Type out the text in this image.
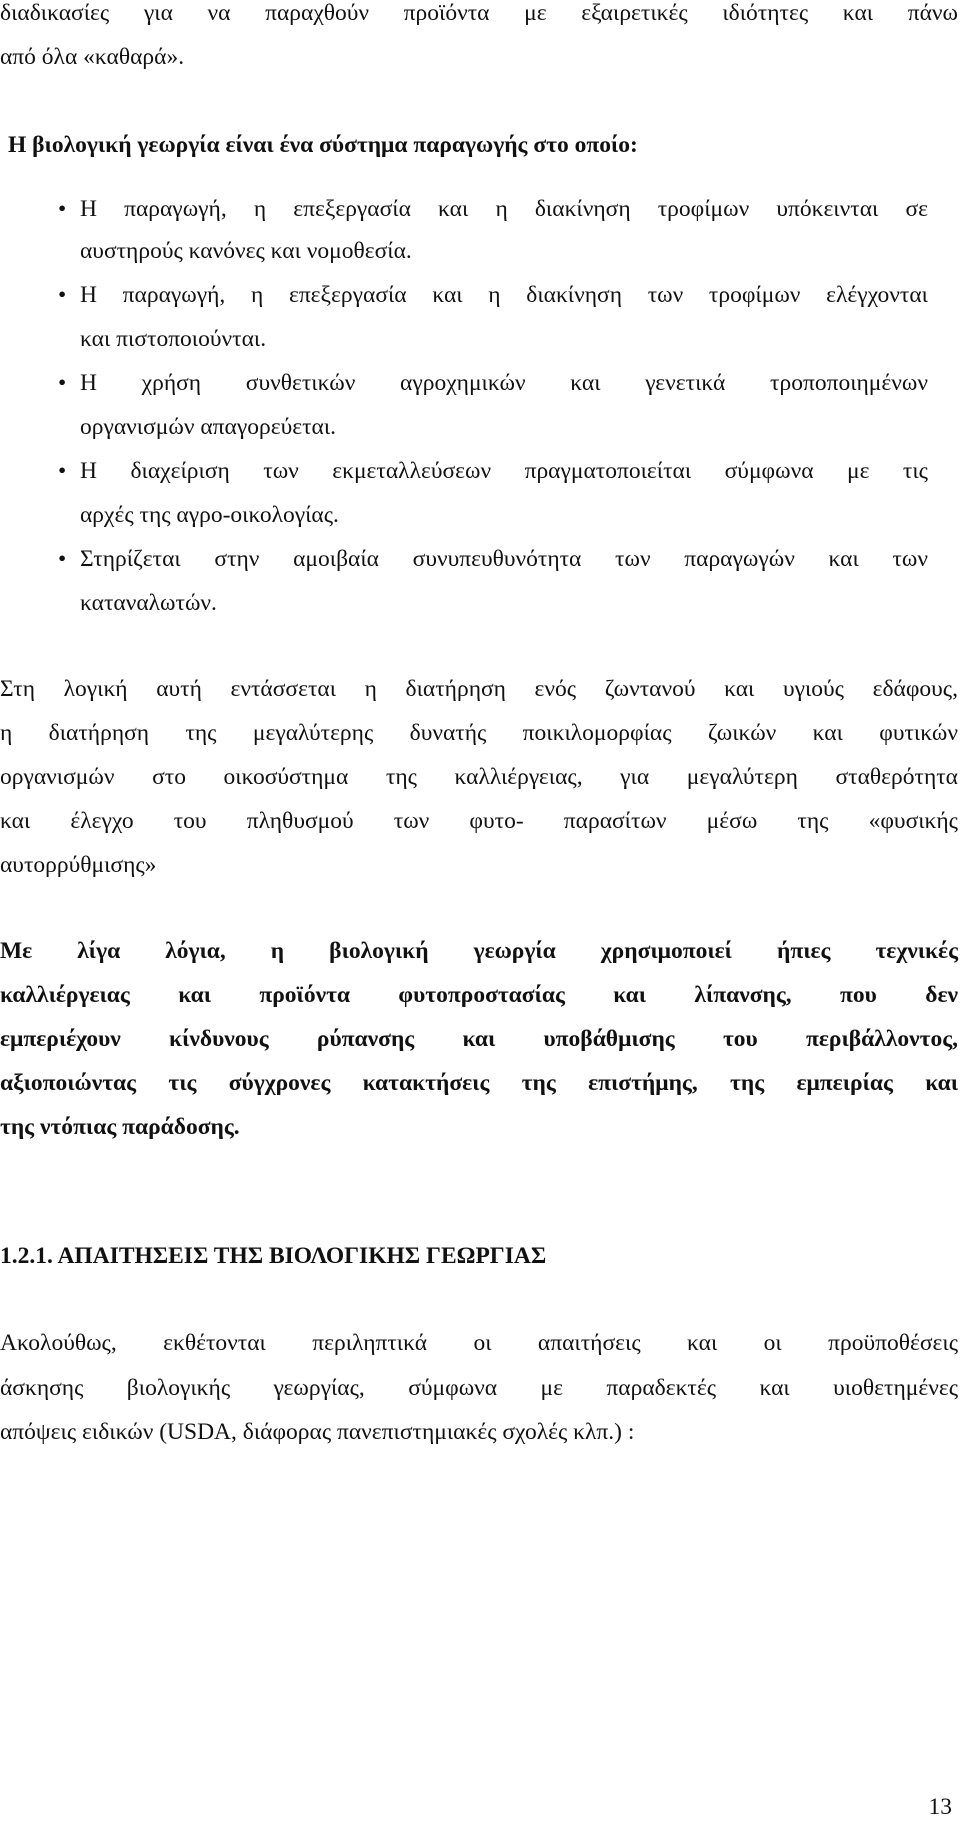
διαδικασίες για να παραχθούν προϊόντα με εξαιρετικές ιδιότητες και πάνω
από όλα «καθαρά».
Η βιολογική γεωργία είναι ένα σύστημα παραγωγής στο οποίο:
• Η παραγωγή, η επεξεργασία και η διακίνηση τροφίμων υπόκεινται σε
αυστηρούς κανόνες και νομοθεσία.
• Η παραγωγή, η επεξεργασία και η διακίνηση των τροφίμων ελέγχονται
και πιστοποιούνται.
• Η χρήση συνθετικών αγροχημικών και γενετικά τροποποιημένων
οργανισμών απαγορεύεται.
• Η διαχείριση των εκμεταλλεύσεων πραγματοποιείται σύμφωνα με τις
αρχές της αγρο-οικολογίας.
• Στηρίζεται στην αμοιβαία συνυπευθυνότητα των παραγωγών και των
καταναλωτών.
Στη λογική αυτή εντάσσεται η διατήρηση ενός ζωντανού και υγιούς εδάφους,
η διατήρηση της μεγαλύτερης δυνατής ποικιλομορφίας ζωικών και φυτικών
οργανισμών στο οικοσύστημα της καλλιέργειας, για μεγαλύτερη σταθερότητα
και έλεγχο του πληθυσμού των φυτο- παρασίτων μέσω της «φυσικής
αυτορρύθμισης»
Με λίγα λόγια, η βιολογική γεωργία χρησιμοποιεί ήπιες τεχνικές
καλλιέργειας και προϊόντα φυτοπροστασίας και λίπανσης, που δεν
εμπεριέχουν κίνδυνους ρύπανσης και υποβάθμισης του περιβάλλοντος,
αξιοποιώντας τις σύγχρονες κατακτήσεις της επιστήμης, της εμπειρίας και
της ντόπιας παράδοσης.
1.2.1. ΑΠΑΙΤΗΣΕΙΣ ΤΗΣ ΒΙΟΛΟΓΙΚΗΣ ΓΕΩΡΓΙΑΣ
Ακολούθως, εκθέτονται περιληπτικά οι απαιτήσεις και οι προϋποθέσεις
άσκησης βιολογικής γεωργίας, σύμφωνα με παραδεκτές και υιοθετημένες
απόψεις ειδικών (USDA, διάφορας πανεπιστημιακές σχολές κλπ.) :
13
